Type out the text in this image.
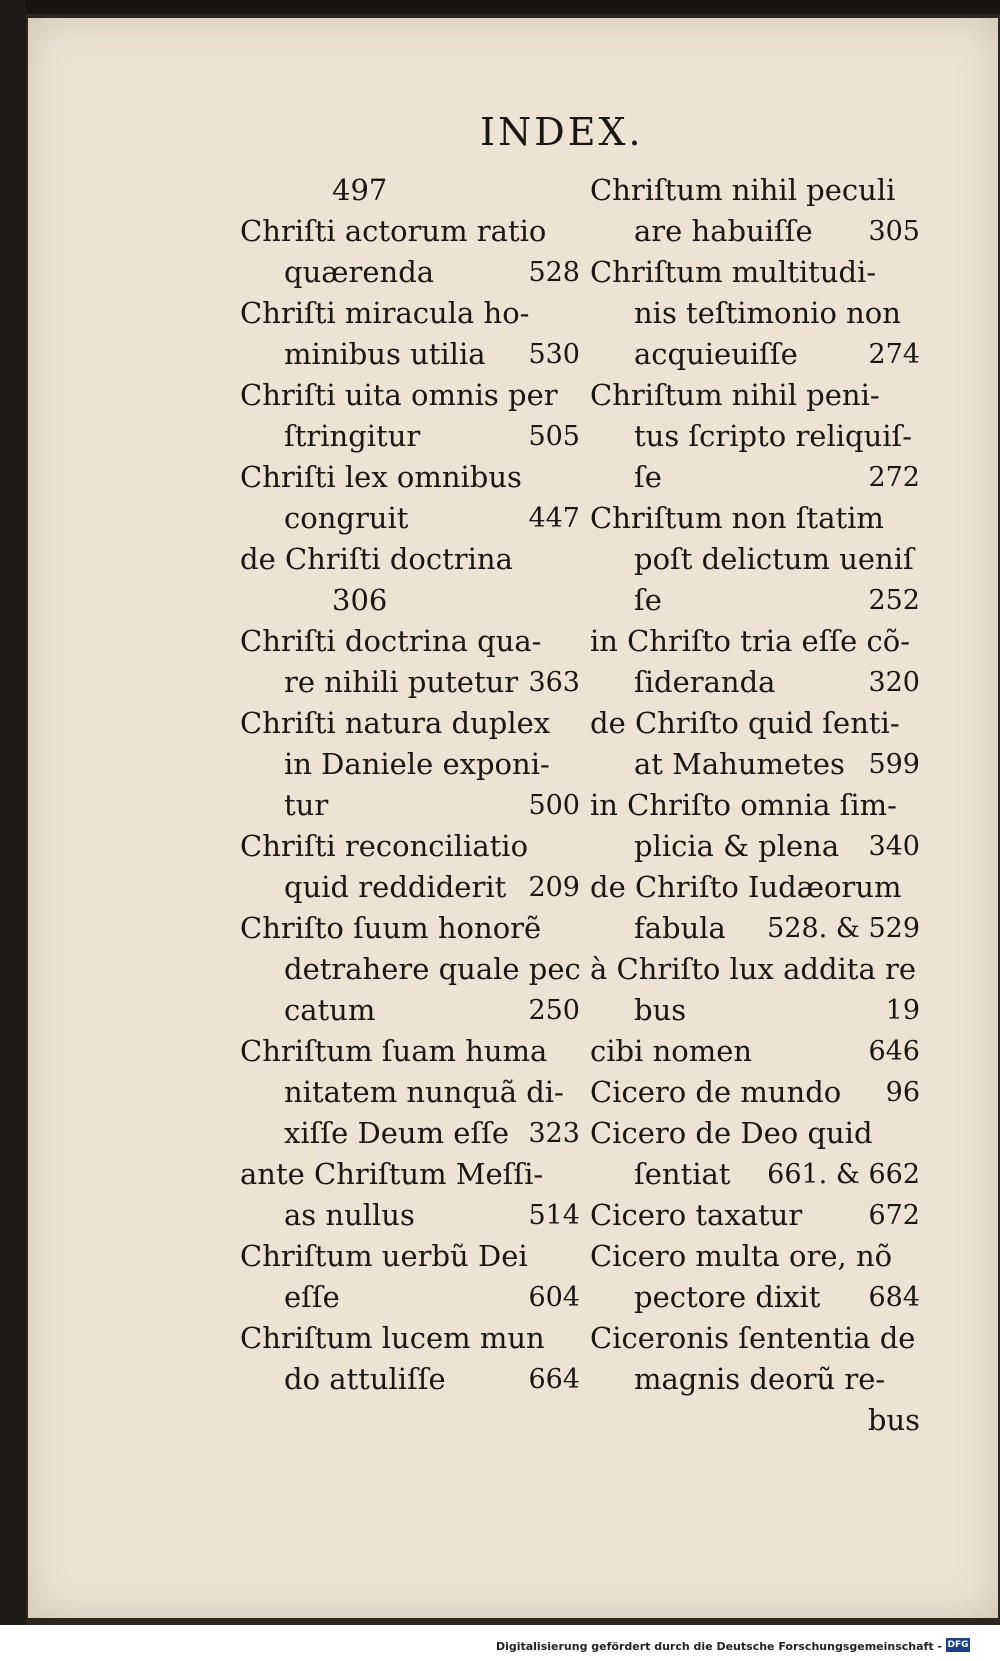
INDEX.
497
Chriſti actorum ratio
quærenda	528
Chriſti miracula ho-
minibus utilia 530
Chriſti uita omnis per
ſtringitur	505
Chriſti lex omnibus
congruit	447
de Chriſti doctrina
306
Chriſti doctrina qua-
re nihili putetur 363
Chriſti natura duplex
in Daniele exponi-
tur	500
Chriſti reconciliatio
quid reddiderit 209
Chriſto ſuum honorẽ
detrahere quale pec
catum	250
Chriſtum ſuam huma
nitatem nunquã di-
xiſſe Deum eſſe 323
ante Chriſtum Meſſi-
as nullus	514
Chriſtum uerbũ Dei
eſſe	604
Chriſtum lucem mun
do attuliſſe	664
Chriſtum nihil peculi
are habuiſſe 305
Chriſtum multitudi-
nis teſtimonio non
acquieuiſſe	274
Chriſtum nihil peni-
tus ſcripto reliquiſ-
ſe	272
Chriſtum non ſtatim
poſt delictum ueniſ
ſe	252
in Chriſto tria eſſe cõ-
ſideranda	320
de Chriſto quid ſenti-
at Mahumetes 599
in Chriſto omnia ſim-
plicia & plena 340
de Chriſto Iudæorum
fabula 528. & 529
à Chriſto lux addita re
bus	19
cibi nomen	646
Cicero de mundo 96
Cicero de Deo quid
ſentiat 661. & 662
Cicero taxatur 672
Cicero multa ore, nõ
pectore dixit 684
Ciceronis ſententia de
magnis deorũ re-
bus
Digitalisierung gefördert durch die Deutsche Forschungsgemeinschaft - DFG
